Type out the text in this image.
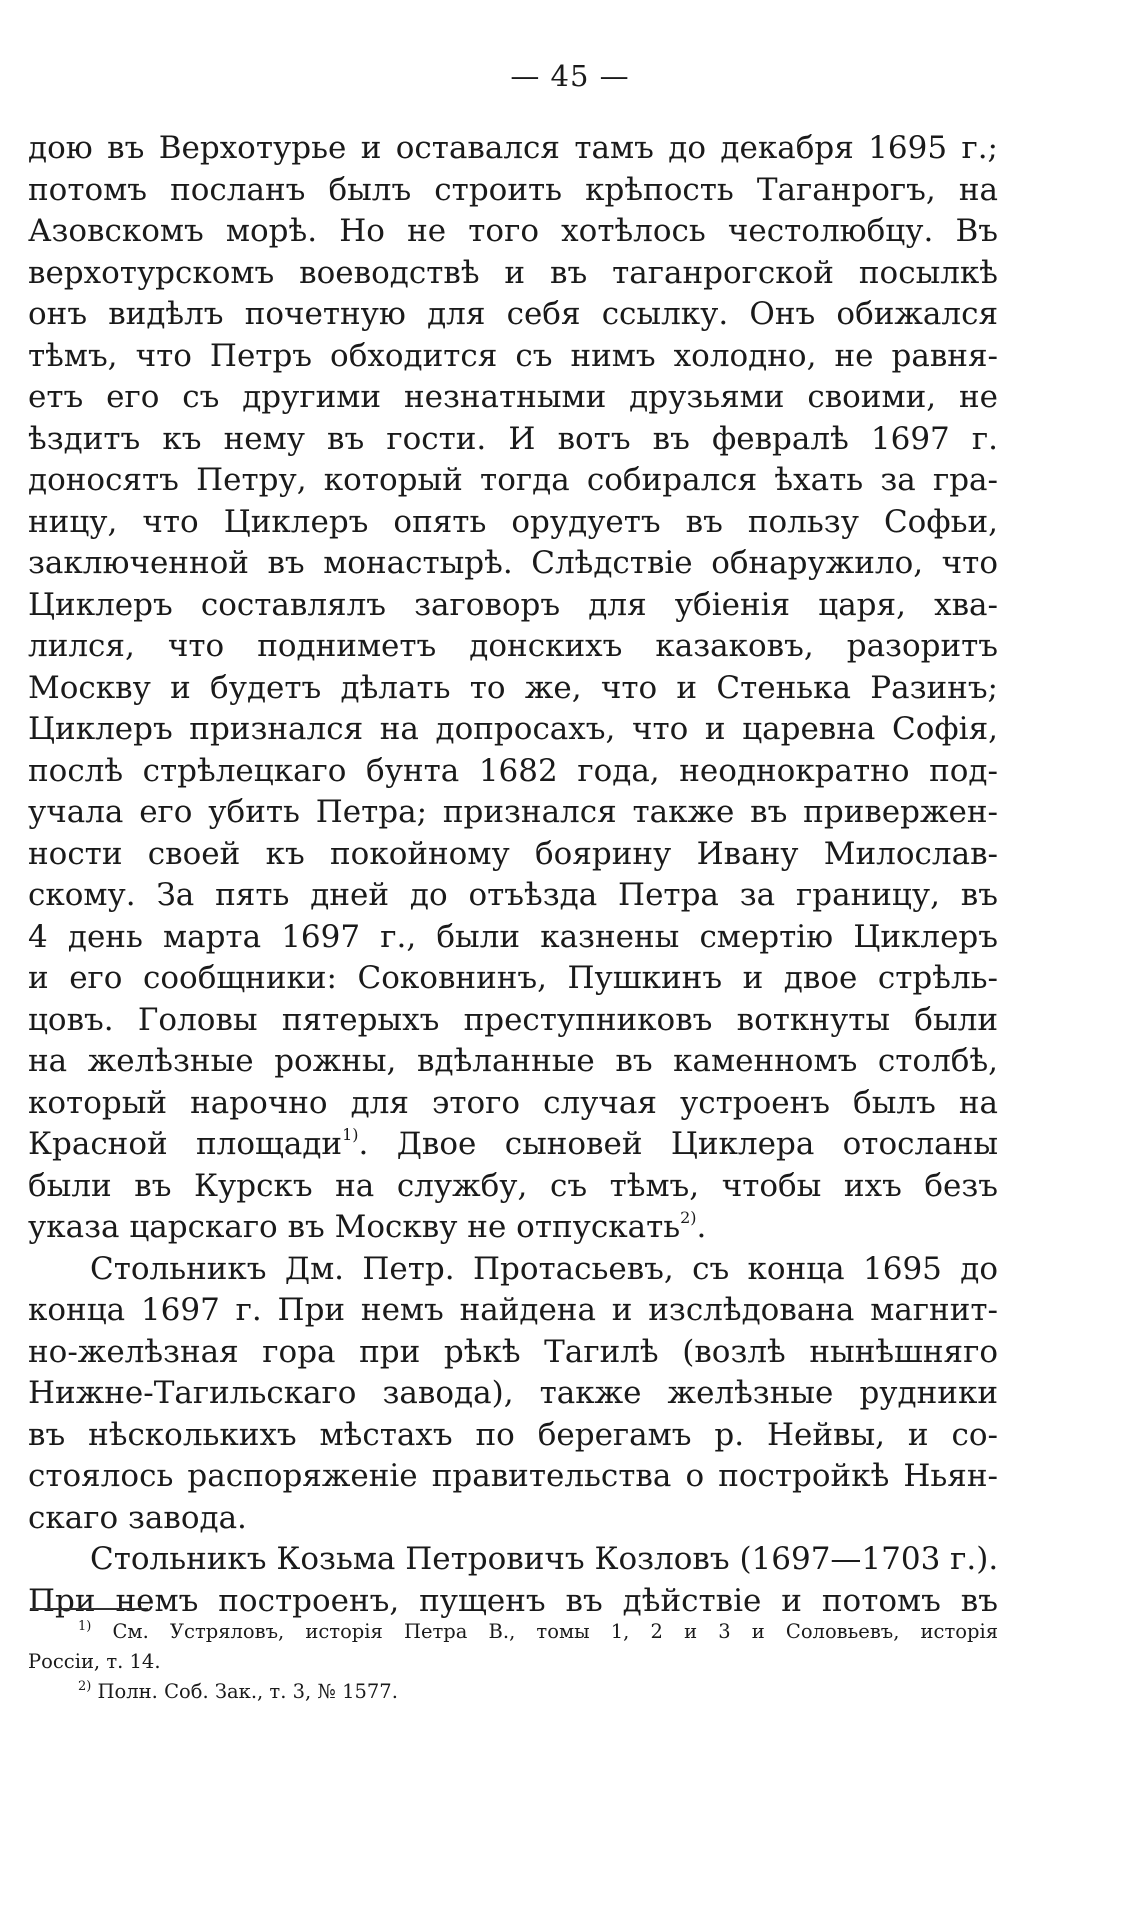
— 45 —
дою въ Верхотурье и оставался тамъ до декабря 1695 г.;
потомъ посланъ былъ строить крѣпость Таганрогъ, на
Азовскомъ морѣ. Но не того хотѣлось честолюбцу. Въ
верхотурскомъ воеводствѣ и въ таганрогской посылкѣ
онъ видѣлъ почетную для себя ссылку. Онъ обижался
тѣмъ, что Петръ обходится съ нимъ холодно, не равня-
етъ его съ другими незнатными друзьями своими, не
ѣздитъ къ нему въ гости. И вотъ въ февралѣ 1697 г.
доносятъ Петру, который тогда собирался ѣхать за гра-
ницу, что Циклеръ опять орудуетъ въ пользу Софьи,
заключенной въ монастырѣ. Слѣдствіе обнаружило, что
Циклеръ составлялъ заговоръ для убіенія царя, хва-
лился, что подниметъ донскихъ казаковъ, разоритъ
Москву и будетъ дѣлать то же, что и Стенька Разинъ;
Циклеръ признался на допросахъ, что и царевна Софія,
послѣ стрѣлецкаго бунта 1682 года, неоднократно под-
учала его убить Петра; признался также въ привержен-
ности своей къ покойному боярину Ивану Милослав-
скому. За пять дней до отъѣзда Петра за границу, въ
4 день марта 1697 г., были казнены смертію Циклеръ
и его сообщники: Соковнинъ, Пушкинъ и двое стрѣль-
цовъ. Головы пятерыхъ преступниковъ воткнуты были
на желѣзные рожны, вдѣланные въ каменномъ столбѣ,
который нарочно для этого случая устроенъ былъ на
Красной площади$^{1)}$. Двое сыновей Циклера отосланы
были въ Курскъ на службу, съ тѣмъ, чтобы ихъ безъ
указа царскаго въ Москву не отпускать$^{2)}$.
Стольникъ Дм. Петр. Протасьевъ, съ конца 1695 до
конца 1697 г. При немъ найдена и изслѣдована магнит-
но-желѣзная гора при рѣкѣ Тагилѣ (возлѣ нынѣшняго
Нижне-Тагильскаго завода), также желѣзные рудники
въ нѣсколькихъ мѣстахъ по берегамъ р. Нейвы, и со-
стоялось распоряженіе правительства о постройкѣ Ньян-
скаго завода.
Стольникъ Козьма Петровичъ Козловъ (1697—1703 г.).
При немъ построенъ, пущенъ въ дѣйствіе и потомъ въ
$^{1)}$ См. Устряловъ, исторія Петра В., томы 1, 2 и 3 и Соловьевъ, исторія
Россіи, т. 14.
$^{2)}$ Полн. Соб. Зак., т. 3, № 1577.
